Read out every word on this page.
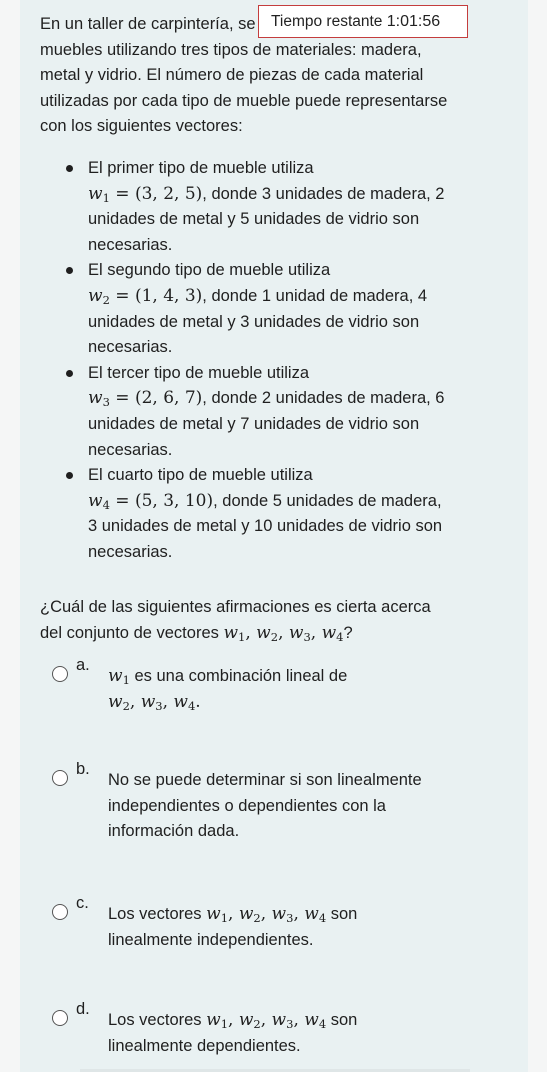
Tiempo restante 1:01:56

En un taller de carpintería, se
muebles utilizando tres tipos de materiales: madera, metal y vidrio. El número de piezas de cada material utilizadas por cada tipo de mueble puede representarse con los siguientes vectores:

El primer tipo de mueble utiliza
$w_1 = (3$, 2, 5), donde 3 unidades de madera, 2 unidades de metal y 5 unidades de vidrio son necesarias.
El segundo tipo de mueble utiliza
$w_2 = (1$, 4, 3), donde 1 unidad de madera, 4 unidades de metal y 3 unidades de vidrio son necesarias.
El tercer tipo de mueble utiliza
$w_3 = (2$, 6, 7), donde 2 unidades de madera, 6 unidades de metal y 7 unidades de vidrio son necesarias.
El cuarto tipo de mueble utiliza
$w_4 = (5$, 3, 10), donde 5 unidades de madera, 3 unidades de metal y 10 unidades de vidrio son necesarias.

¿Cuál de las siguientes afirmaciones es cierta acerca del conjunto de vectores $w_1$, $w_2$, $w_3$, $w_4$?

a.
$w_1$ es una combinación lineal de
$w_2$, $w_3$, $w_4$.
b.
No se puede determinar si son linealmente independientes o dependientes con la información dada.
c.
Los vectores $w_1$, $w_2$, $w_3$, $w_4$ son linealmente independientes.
d.
Los vectores $w_1$, $w_2$, $w_3$, $w_4$ son linealmente dependientes.
